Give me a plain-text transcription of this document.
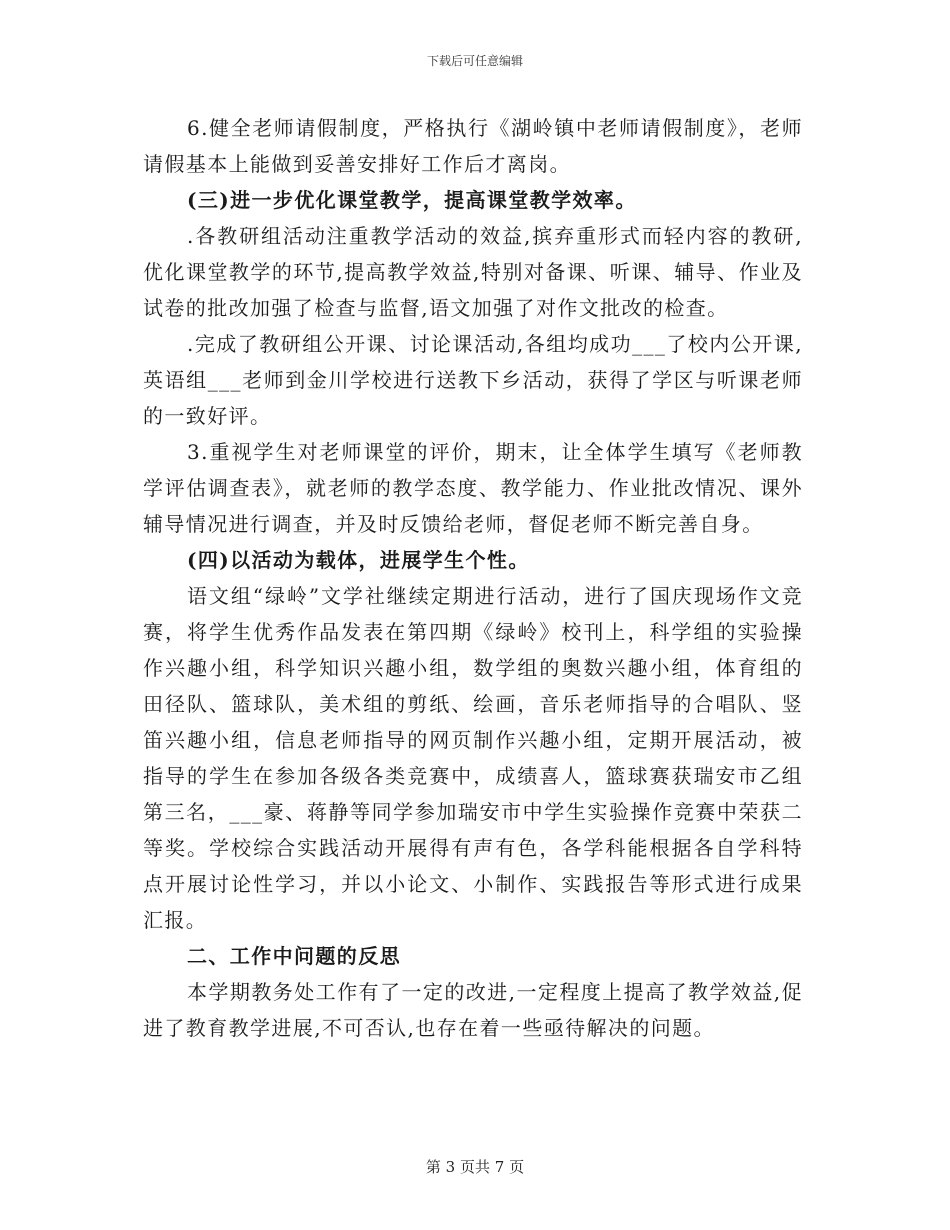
下载后可任意编辑

6.健全老师请假制度，严格执行《湖岭镇中老师请假制度》，老师请假基本上能做到妥善安排好工作后才离岗。

(三)进一步优化课堂教学，提高课堂教学效率。

.各教研组活动注重教学活动的效益,摈弃重形式而轻内容的教研,优化课堂教学的环节,提高教学效益,特别对备课、听课、辅导、作业及试卷的批改加强了检查与监督,语文加强了对作文批改的检查。

.完成了教研组公开课、讨论课活动,各组均成功___了校内公开课,英语组___老师到金川学校进行送教下乡活动，获得了学区与听课老师的一致好评。

3.重视学生对老师课堂的评价，期末，让全体学生填写《老师教学评估调查表》，就老师的教学态度、教学能力、作业批改情况、课外辅导情况进行调查，并及时反馈给老师，督促老师不断完善自身。

(四)以活动为载体，进展学生个性。

语文组“绿岭”文学社继续定期进行活动，进行了国庆现场作文竞赛，将学生优秀作品发表在第四期《绿岭》校刊上，科学组的实验操作兴趣小组，科学知识兴趣小组，数学组的奥数兴趣小组，体育组的田径队、篮球队，美术组的剪纸、绘画，音乐老师指导的合唱队、竖笛兴趣小组，信息老师指导的网页制作兴趣小组，定期开展活动，被指导的学生在参加各级各类竞赛中，成绩喜人，篮球赛获瑞安市乙组第三名，___豪、蒋静等同学参加瑞安市中学生实验操作竞赛中荣获二等奖。学校综合实践活动开展得有声有色，各学科能根据各自学科特点开展讨论性学习，并以小论文、小制作、实践报告等形式进行成果汇报。

二、工作中问题的反思

本学期教务处工作有了一定的改进,一定程度上提高了教学效益,促进了教育教学进展,不可否认,也存在着一些亟待解决的问题。

第 3 页共 7 页
